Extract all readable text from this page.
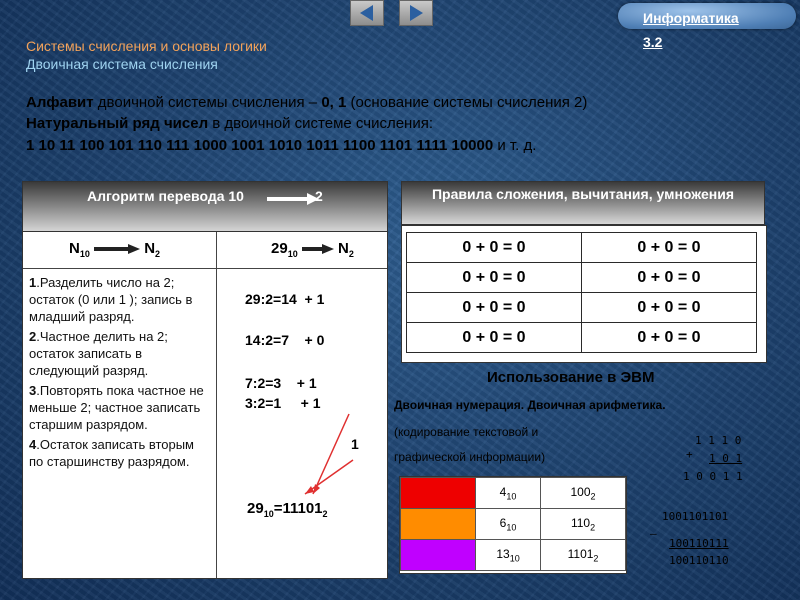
Информатика
3.2
Системы счисления и основы логики
Двоичная система счисления
Алфавит двоичной системы счисления – 0, 1 (основание системы счисления 2)
Натуральный ряд чисел в двоичной системе счисления:
1 10 11 100 101 110 111 1000 1001 1010 1011 1100 1101 1111 10000 и т. д.
Алгоритм перевода 10	2
$N_{10}$	$N_2$	$29_{10}$	$N_2$
1.Разделить число на 2; остаток (0 или 1 ); запись в младший разряд.
2.Частное делить на 2; остаток записать в следующий разряд.
3.Повторять пока частное не меньше 2; частное записать старшим разрядом.
4.Остаток записать вторым по старшинству разрядом.
29:2=14  + 1
14:2=7    + 0
7:2=3    + 1
3:2=1     + 1
1
$29_{10}=11101_2$
Правила сложения, вычитания, умножения
0 + 0 = 0	0 + 0 = 0
0 + 0 = 0	0 + 0 = 0
0 + 0 = 0	0 + 0 = 0
0 + 0 = 0	0 + 0 = 0
Использование в ЭВМ
Двоичная нумерация. Двоичная арифметика.
(кодирование текстовой и
графической информации)
1 1 1 0
+ 1 0 1
1 0 0 1 1
	$4_{10}$	$100_2$

	$6_{10}$	$110_2$

	$13_{10}$	$1101_2$
1001101101
–
100110111
100110110
